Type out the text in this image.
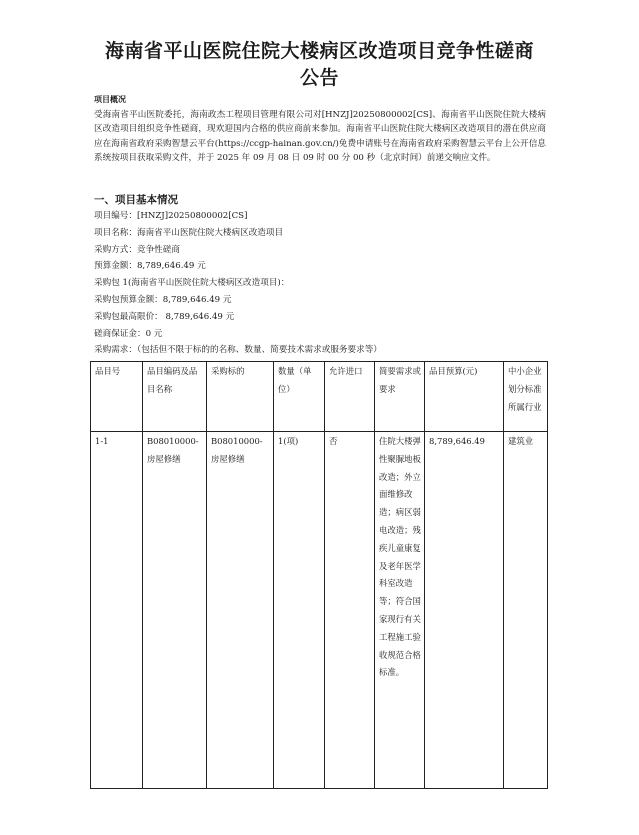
海南省平山医院住院大楼病区改造项目竞争性磋商
公告
项目概况

受海南省平山医院委托，海南政杰工程项目管理有限公司对[HNZJ]20250800002[CS]、海南省平山医院住院大楼病区改造项目组织竞争性磋商，现欢迎国内合格的供应商前来参加。海南省平山医院住院大楼病区改造项目的潜在供应商应在海南省政府采购智慧云平台(https://ccgp-hainan.gov.cn/)免费申请账号在海南省政府采购智慧云平台上公开信息系统按项目获取采购文件，并于 2025 年 09 月 08 日 09 时 00 分 00 秒（北京时间）前递交响应文件。

一、项目基本情况
项目编号：[HNZJ]20250800002[CS]
项目名称：海南省平山医院住院大楼病区改造项目
采购方式：竞争性磋商
预算金额：8,789,646.49 元
采购包 1(海南省平山医院住院大楼病区改造项目)：
采购包预算金额：8,789,646.49 元
采购包最高限价： 8,789,646.49 元
磋商保证金：0 元
采购需求：（包括但不限于标的的名称、数量、简要技术需求或服务要求等）
品目号	品目编码及品目名称	采购标的	数量（单位）	允许进口	简要需求或要求	品目预算(元)	中小企业划分标准所属行业
1-1	B08010000-房屋修缮	B08010000-房屋修缮	1(项)	否	住院大楼弹性聚脲地板改造；外立面维修改造；病区弱电改造；残疾儿童康复及老年医学科室改造等；符合国家现行有关工程施工验收规范合格标准。	8,789,646.49	建筑业
